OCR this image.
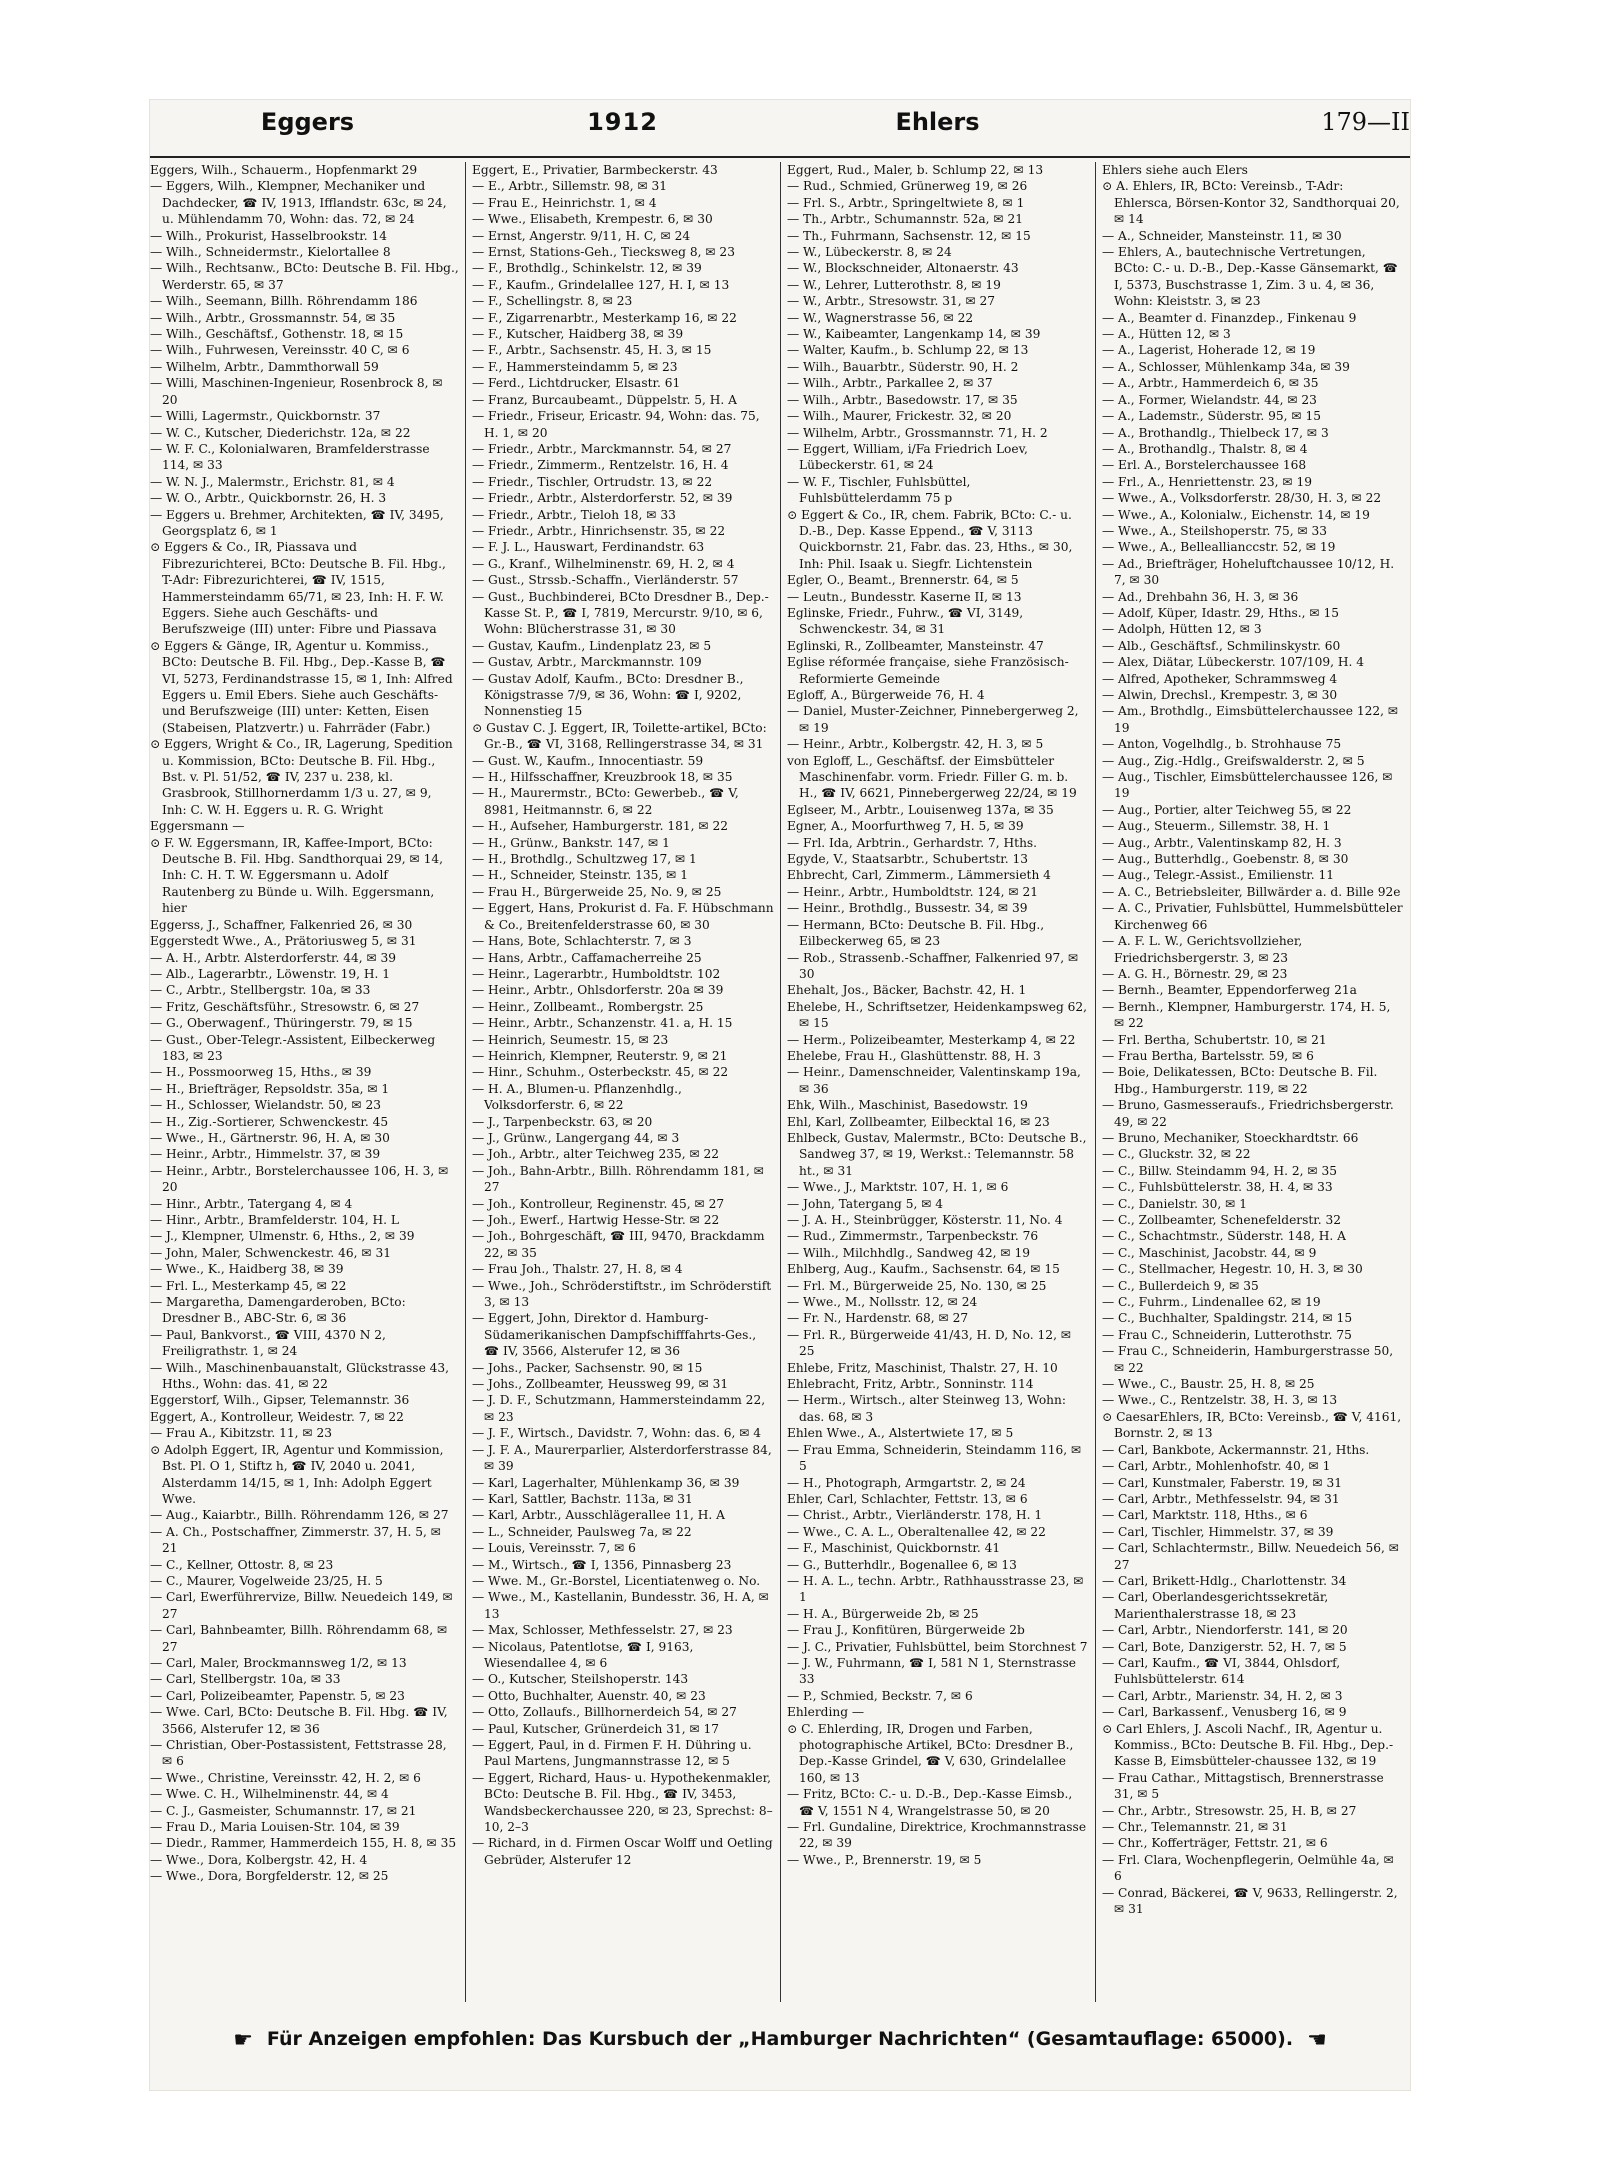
Eggers	1912	Ehlers	179—II

Eggers, Wilh., Schauerm., Hopfenmarkt 29

— Eggers, Wilh., Klempner, Mechaniker und Dachdecker, ☎ IV, 1913, Ifflandstr. 63c, ✉ 24, u. Mühlendamm 70, Wohn: das. 72, ✉ 24

— Wilh., Prokurist, Hasselbrookstr. 14

— Wilh., Schneidermstr., Kielortallee 8

— Wilh., Rechtsanw., BCto: Deutsche B. Fil. Hbg., Werderstr. 65, ✉ 37

— Wilh., Seemann, Billh. Röhrendamm 186

— Wilh., Arbtr., Grossmannstr. 54, ✉ 35

— Wilh., Geschäftsf., Gothenstr. 18, ✉ 15

— Wilh., Fuhrwesen, Vereinsstr. 40 C, ✉ 6

— Wilhelm, Arbtr., Dammthorwall 59

— Willi, Maschinen-Ingenieur, Rosenbrock 8, ✉ 20

— Willi, Lagermstr., Quickbornstr. 37

— W. C., Kutscher, Diederichstr. 12a, ✉ 22

— W. F. C., Kolonialwaren, Bramfelderstrasse 114, ✉ 33

— W. N. J., Malermstr., Erichstr. 81, ✉ 4

— W. O., Arbtr., Quickbornstr. 26, H. 3

— Eggers u. Brehmer, Architekten, ☎ IV, 3495, Georgsplatz 6, ✉ 1

⊙ Eggers & Co., IR, Piassava und Fibrezurichterei, BCto: Deutsche B. Fil. Hbg., T-Adr: Fibrezurichterei, ☎ IV, 1515, Hammersteindamm 65/71, ✉ 23, Inh: H. F. W. Eggers. Siehe auch Geschäfts- und Berufszweige (III) unter: Fibre und Piassava

⊙ Eggers & Gänge, IR, Agentur u. Kommiss., BCto: Deutsche B. Fil. Hbg., Dep.-Kasse B, ☎ VI, 5273, Ferdinandstrasse 15, ✉ 1, Inh: Alfred Eggers u. Emil Ebers. Siehe auch Geschäfts- und Berufszweige (III) unter: Ketten, Eisen (Stabeisen, Platzvertr.) u. Fahrräder (Fabr.)

⊙ Eggers, Wright & Co., IR, Lagerung, Spedition u. Kommission, BCto: Deutsche B. Fil. Hbg., Bst. v. Pl. 51/52, ☎ IV, 237 u. 238, kl. Grasbrook, Stillhornerdamm 1/3 u. 27, ✉ 9, Inh: C. W. H. Eggers u. R. G. Wright

Eggersmann —

⊙ F. W. Eggersmann, IR, Kaffee-Import, BCto: Deutsche B. Fil. Hbg. Sandthorquai 29, ✉ 14, Inh: C. H. T. W. Eggersmann u. Adolf Rautenberg zu Bünde u. Wilh. Eggersmann, hier

Eggerss, J., Schaffner, Falkenried 26, ✉ 30

Eggerstedt Wwe., A., Prätoriusweg 5, ✉ 31

— A. H., Arbtr. Alsterdorferstr. 44, ✉ 39

— Alb., Lagerarbtr., Löwenstr. 19, H. 1

— C., Arbtr., Stellbergstr. 10a, ✉ 33

— Fritz, Geschäftsführ., Stresowstr. 6, ✉ 27

— G., Oberwagenf., Thüringerstr. 79, ✉ 15

— Gust., Ober-Telegr.-Assistent, Eilbeckerweg 183, ✉ 23

— H., Possmoorweg 15, Hths., ✉ 39

— H., Briefträger, Repsoldstr. 35a, ✉ 1

— H., Schlosser, Wielandstr. 50, ✉ 23

— H., Zig.-Sortierer, Schwenckestr. 45

— Wwe., H., Gärtnerstr. 96, H. A, ✉ 30

— Heinr., Arbtr., Himmelstr. 37, ✉ 39

— Heinr., Arbtr., Borstelerchaussee 106, H. 3, ✉ 20

— Hinr., Arbtr., Tatergang 4, ✉ 4

— Hinr., Arbtr., Bramfelderstr. 104, H. L

— J., Klempner, Ulmenstr. 6, Hths., 2, ✉ 39

— John, Maler, Schwenckestr. 46, ✉ 31

— Wwe., K., Haidberg 38, ✉ 39

— Frl. L., Mesterkamp 45, ✉ 22

— Margaretha, Damengarderoben, BCto: Dresdner B., ABC-Str. 6, ✉ 36

— Paul, Bankvorst., ☎ VIII, 4370 N 2, Freiligrathstr. 1, ✉ 24

— Wilh., Maschinenbauanstalt, Glückstrasse 43, Hths., Wohn: das. 41, ✉ 22

Eggerstorf, Wilh., Gipser, Telemannstr. 36

Eggert, A., Kontrolleur, Weidestr. 7, ✉ 22

— Frau A., Kibitzstr. 11, ✉ 23

⊙ Adolph Eggert, IR, Agentur und Kommission, Bst. Pl. O 1, Stiftz h, ☎ IV, 2040 u. 2041, Alsterdamm 14/15, ✉ 1, Inh: Adolph Eggert Wwe.

— Aug., Kaiarbtr., Billh. Röhrendamm 126, ✉ 27

— A. Ch., Postschaffner, Zimmerstr. 37, H. 5, ✉ 21

— C., Kellner, Ottostr. 8, ✉ 23

— C., Maurer, Vogelweide 23/25, H. 5

— Carl, Ewerführervize, Billw. Neuedeich 149, ✉ 27

— Carl, Bahnbeamter, Billh. Röhrendamm 68, ✉ 27

— Carl, Maler, Brockmannsweg 1/2, ✉ 13

— Carl, Stellbergstr. 10a, ✉ 33

— Carl, Polizeibeamter, Papenstr. 5, ✉ 23

— Wwe. Carl, BCto: Deutsche B. Fil. Hbg. ☎ IV, 3566, Alsterufer 12, ✉ 36

— Christian, Ober-Postassistent, Fettstrasse 28, ✉ 6

— Wwe., Christine, Vereinsstr. 42, H. 2, ✉ 6

— Wwe. C. H., Wilhelminenstr. 44, ✉ 4

— C. J., Gasmeister, Schumannstr. 17, ✉ 21

— Frau D., Maria Louisen-Str. 104, ✉ 39

— Diedr., Rammer, Hammerdeich 155, H. 8, ✉ 35

— Wwe., Dora, Kolbergstr. 42, H. 4

— Wwe., Dora, Borgfelderstr. 12, ✉ 25

Eggert, E., Privatier, Barmbeckerstr. 43

— E., Arbtr., Sillemstr. 98, ✉ 31

— Frau E., Heinrichstr. 1, ✉ 4

— Wwe., Elisabeth, Krempestr. 6, ✉ 30

— Ernst, Angerstr. 9/11, H. C, ✉ 24

— Ernst, Stations-Geh., Tiecksweg 8, ✉ 23

— F., Brothdlg., Schinkelstr. 12, ✉ 39

— F., Kaufm., Grindelallee 127, H. I, ✉ 13

— F., Schellingstr. 8, ✉ 23

— F., Zigarrenarbtr., Mesterkamp 16, ✉ 22

— F., Kutscher, Haidberg 38, ✉ 39

— F., Arbtr., Sachsenstr. 45, H. 3, ✉ 15

— F., Hammersteindamm 5, ✉ 23

— Ferd., Lichtdrucker, Elsastr. 61

— Franz, Burcaubeamt., Düppelstr. 5, H. A

— Friedr., Friseur, Ericastr. 94, Wohn: das. 75, H. 1, ✉ 20

— Friedr., Arbtr., Marckmannstr. 54, ✉ 27

— Friedr., Zimmerm., Rentzelstr. 16, H. 4

— Friedr., Tischler, Ortrudstr. 13, ✉ 22

— Friedr., Arbtr., Alsterdorferstr. 52, ✉ 39

— Friedr., Arbtr., Tieloh 18, ✉ 33

— Friedr., Arbtr., Hinrichsenstr. 35, ✉ 22

— F. J. L., Hauswart, Ferdinandstr. 63

— G., Kranf., Wilhelminenstr. 69, H. 2, ✉ 4

— Gust., Strssb.-Schaffn., Vierländerstr. 57

— Gust., Buchbinderei, BCto Dresdner B., Dep.-Kasse St. P., ☎ I, 7819, Mercurstr. 9/10, ✉ 6, Wohn: Blücherstrasse 31, ✉ 30

— Gustav, Kaufm., Lindenplatz 23, ✉ 5

— Gustav, Arbtr., Marckmannstr. 109

— Gustav Adolf, Kaufm., BCto: Dresdner B., Königstrasse 7/9, ✉ 36, Wohn: ☎ I, 9202, Nonnenstieg 15

⊙ Gustav C. J. Eggert, IR, Toilette-artikel, BCto: Gr.-B., ☎ VI, 3168, Rellingerstrasse 34, ✉ 31

— Gust. W., Kaufm., Innocentiastr. 59

— H., Hilfsschaffner, Kreuzbrook 18, ✉ 35

— H., Maurermstr., BCto: Gewerbeb., ☎ V, 8981, Heitmannstr. 6, ✉ 22

— H., Aufseher, Hamburgerstr. 181, ✉ 22

— H., Grünw., Bankstr. 147, ✉ 1

— H., Brothdlg., Schultzweg 17, ✉ 1

— H., Schneider, Steinstr. 135, ✉ 1

— Frau H., Bürgerweide 25, No. 9, ✉ 25

— Eggert, Hans, Prokurist d. Fa. F. Hübschmann & Co., Breitenfelderstrasse 60, ✉ 30

— Hans, Bote, Schlachterstr. 7, ✉ 3

— Hans, Arbtr., Caffamacherreihe 25

— Heinr., Lagerarbtr., Humboldtstr. 102

— Heinr., Arbtr., Ohlsdorferstr. 20a ✉ 39

— Heinr., Zollbeamt., Rombergstr. 25

— Heinr., Arbtr., Schanzenstr. 41. a, H. 15

— Heinrich, Seumestr. 15, ✉ 23

— Heinrich, Klempner, Reuterstr. 9, ✉ 21

— Hinr., Schuhm., Osterbeckstr. 45, ✉ 22

— H. A., Blumen-u. Pflanzenhdlg., Volksdorferstr. 6, ✉ 22

— J., Tarpenbeckstr. 63, ✉ 20

— J., Grünw., Langergang 44, ✉ 3

— Joh., Arbtr., alter Teichweg 235, ✉ 22

— Joh., Bahn-Arbtr., Billh. Röhrendamm 181, ✉ 27

— Joh., Kontrolleur, Reginenstr. 45, ✉ 27

— Joh., Ewerf., Hartwig Hesse-Str. ✉ 22

— Joh., Bohrgeschäft, ☎ III, 9470, Brackdamm 22, ✉ 35

— Frau Joh., Thalstr. 27, H. 8, ✉ 4

— Wwe., Joh., Schröderstiftstr., im Schröderstift 3, ✉ 13

— Eggert, John, Direktor d. Hamburg-Südamerikanischen Dampfschifffahrts-Ges., ☎ IV, 3566, Alsterufer 12, ✉ 36

— Johs., Packer, Sachsenstr. 90, ✉ 15

— Johs., Zollbeamter, Heussweg 99, ✉ 31

— J. D. F., Schutzmann, Hammersteindamm 22, ✉ 23

— J. F., Wirtsch., Davidstr. 7, Wohn: das. 6, ✉ 4

— J. F. A., Maurerparlier, Alsterdorferstrasse 84, ✉ 39

— Karl, Lagerhalter, Mühlenkamp 36, ✉ 39

— Karl, Sattler, Bachstr. 113a, ✉ 31

— Karl, Arbtr., Ausschlägerallee 11, H. A

— L., Schneider, Paulsweg 7a, ✉ 22

— Louis, Vereinsstr. 7, ✉ 6

— M., Wirtsch., ☎ I, 1356, Pinnasberg 23

— Wwe. M., Gr.-Borstel, Licentiatenweg o. No.

— Wwe., M., Kastellanin, Bundesstr. 36, H. A, ✉ 13

— Max, Schlosser, Methfesselstr. 27, ✉ 23

— Nicolaus, Patentlotse, ☎ I, 9163, Wiesendallee 4, ✉ 6

— O., Kutscher, Steilshoperstr. 143

— Otto, Buchhalter, Auenstr. 40, ✉ 23

— Otto, Zollaufs., Billhornerdeich 54, ✉ 27

— Paul, Kutscher, Grünerdeich 31, ✉ 17

— Eggert, Paul, in d. Firmen F. H. Dühring u. Paul Martens, Jungmannstrasse 12, ✉ 5

— Eggert, Richard, Haus- u. Hypothekenmakler, BCto: Deutsche B. Fil. Hbg., ☎ IV, 3453, Wandsbeckerchaussee 220, ✉ 23, Sprechst: 8–10, 2–3

— Richard, in d. Firmen Oscar Wolff und Oetling Gebrüder, Alsterufer 12

Eggert, Rud., Maler, b. Schlump 22, ✉ 13

— Rud., Schmied, Grünerweg 19, ✉ 26

— Frl. S., Arbtr., Springeltwiete 8, ✉ 1

— Th., Arbtr., Schumannstr. 52a, ✉ 21

— Th., Fuhrmann, Sachsenstr. 12, ✉ 15

— W., Lübeckerstr. 8, ✉ 24

— W., Blockschneider, Altonaerstr. 43

— W., Lehrer, Lutterothstr. 8, ✉ 19

— W., Arbtr., Stresowstr. 31, ✉ 27

— W., Wagnerstrasse 56, ✉ 22

— W., Kaibeamter, Langenkamp 14, ✉ 39

— Walter, Kaufm., b. Schlump 22, ✉ 13

— Wilh., Bauarbtr., Süderstr. 90, H. 2

— Wilh., Arbtr., Parkallee 2, ✉ 37

— Wilh., Arbtr., Basedowstr. 17, ✉ 35

— Wilh., Maurer, Frickestr. 32, ✉ 20

— Wilhelm, Arbtr., Grossmannstr. 71, H. 2

— Eggert, William, i/Fa Friedrich Loev, Lübeckerstr. 61, ✉ 24

— W. F., Tischler, Fuhlsbüttel, Fuhlsbüttelerdamm 75 p

⊙ Eggert & Co., IR, chem. Fabrik, BCto: C.- u. D.-B., Dep. Kasse Eppend., ☎ V, 3113 Quickbornstr. 21, Fabr. das. 23, Hths., ✉ 30, Inh: Phil. Isaak u. Siegfr. Lichtenstein

Egler, O., Beamt., Brennerstr. 64, ✉ 5

— Leutn., Bundesstr. Kaserne II, ✉ 13

Eglinske, Friedr., Fuhrw., ☎ VI, 3149, Schwenckestr. 34, ✉ 31

Eglinski, R., Zollbeamter, Mansteinstr. 47

Eglise réformée française, siehe Französisch-Reformierte Gemeinde

Egloff, A., Bürgerweide 76, H. 4

— Daniel, Muster-Zeichner, Pinnebergerweg 2, ✉ 19

— Heinr., Arbtr., Kolbergstr. 42, H. 3, ✉ 5

von Egloff, L., Geschäftsf. der Eimsbütteler Maschinenfabr. vorm. Friedr. Filler G. m. b. H., ☎ IV, 6621, Pinnebergerweg 22/24, ✉ 19

Eglseer, M., Arbtr., Louisenweg 137a, ✉ 35

Egner, A., Moorfurthweg 7, H. 5, ✉ 39

— Frl. Ida, Arbtrin., Gerhardstr. 7, Hths.

Egyde, V., Staatsarbtr., Schubertstr. 13

Ehbrecht, Carl, Zimmerm., Lämmersieth 4

— Heinr., Arbtr., Humboldtstr. 124, ✉ 21

— Heinr., Brothdlg., Bussestr. 34, ✉ 39

— Hermann, BCto: Deutsche B. Fil. Hbg., Eilbeckerweg 65, ✉ 23

— Rob., Strassenb.-Schaffner, Falkenried 97, ✉ 30

Ehehalt, Jos., Bäcker, Bachstr. 42, H. 1

Ehelebe, H., Schriftsetzer, Heidenkampsweg 62, ✉ 15

— Herm., Polizeibeamter, Mesterkamp 4, ✉ 22

Ehelebe, Frau H., Glashüttenstr. 88, H. 3

— Heinr., Damenschneider, Valentinskamp 19a, ✉ 36

Ehk, Wilh., Maschinist, Basedowstr. 19

Ehl, Karl, Zollbeamter, Eilbecktal 16, ✉ 23

Ehlbeck, Gustav, Malermstr., BCto: Deutsche B., Sandweg 37, ✉ 19, Werkst.: Telemannstr. 58 ht., ✉ 31

— Wwe., J., Marktstr. 107, H. 1, ✉ 6

— John, Tatergang 5, ✉ 4

— J. A. H., Steinbrügger, Kösterstr. 11, No. 4

— Rud., Zimmermstr., Tarpenbeckstr. 76

— Wilh., Milchhdlg., Sandweg 42, ✉ 19

Ehlberg, Aug., Kaufm., Sachsenstr. 64, ✉ 15

— Frl. M., Bürgerweide 25, No. 130, ✉ 25

— Wwe., M., Nollsstr. 12, ✉ 24

— Fr. N., Hardenstr. 68, ✉ 27

— Frl. R., Bürgerweide 41/43, H. D, No. 12, ✉ 25

Ehlebe, Fritz, Maschinist, Thalstr. 27, H. 10

Ehlebracht, Fritz, Arbtr., Sonninstr. 114

— Herm., Wirtsch., alter Steinweg 13, Wohn: das. 68, ✉ 3

Ehlen Wwe., A., Alstertwiete 17, ✉ 5

— Frau Emma, Schneiderin, Steindamm 116, ✉ 5

— H., Photograph, Armgartstr. 2, ✉ 24

Ehler, Carl, Schlachter, Fettstr. 13, ✉ 6

— Christ., Arbtr., Vierländerstr. 178, H. 1

— Wwe., C. A. L., Oberaltenallee 42, ✉ 22

— F., Maschinist, Quickbornstr. 41

— G., Butterhdlr., Bogenallee 6, ✉ 13

— H. A. L., techn. Arbtr., Rathhausstrasse 23, ✉ 1

— H. A., Bürgerweide 2b, ✉ 25

— Frau J., Konfitüren, Bürgerweide 2b

— J. C., Privatier, Fuhlsbüttel, beim Storchnest 7

— J. W., Fuhrmann, ☎ I, 581 N 1, Sternstrasse 33

— P., Schmied, Beckstr. 7, ✉ 6

Ehlerding —

⊙ C. Ehlerding, IR, Drogen und Farben, photographische Artikel, BCto: Dresdner B., Dep.-Kasse Grindel, ☎ V, 630, Grindelallee 160, ✉ 13

— Fritz, BCto: C.- u. D.-B., Dep.-Kasse Eimsb., ☎ V, 1551 N 4, Wrangelstrasse 50, ✉ 20

— Frl. Gundaline, Direktrice, Krochmannstrasse 22, ✉ 39

— Wwe., P., Brennerstr. 19, ✉ 5

Ehlers siehe auch Elers

⊙ A. Ehlers, IR, BCto: Vereinsb., T-Adr: Ehlersca, Börsen-Kontor 32, Sandthorquai 20, ✉ 14

— A., Schneider, Mansteinstr. 11, ✉ 30

— Ehlers, A., bautechnische Vertretungen, BCto: C.- u. D.-B., Dep.-Kasse Gänsemarkt, ☎ I, 5373, Buschstrasse 1, Zim. 3 u. 4, ✉ 36, Wohn: Kleiststr. 3, ✉ 23

— A., Beamter d. Finanzdep., Finkenau 9

— A., Hütten 12, ✉ 3

— A., Lagerist, Hoherade 12, ✉ 19

— A., Schlosser, Mühlenkamp 34a, ✉ 39

— A., Arbtr., Hammerdeich 6, ✉ 35

— A., Former, Wielandstr. 44, ✉ 23

— A., Lademstr., Süderstr. 95, ✉ 15

— A., Brothandlg., Thielbeck 17, ✉ 3

— A., Brothandlg., Thalstr. 8, ✉ 4

— Erl. A., Borstelerchaussee 168

— Frl., A., Henriettenstr. 23, ✉ 19

— Wwe., A., Volksdorferstr. 28/30, H. 3, ✉ 22

— Wwe., A., Kolonialw., Eichenstr. 14, ✉ 19

— Wwe., A., Steilshoperstr. 75, ✉ 33

— Wwe., A., Belleallianccstr. 52, ✉ 19

— Ad., Briefträger, Hoheluftchaussee 10/12, H. 7, ✉ 30

— Ad., Drehbahn 36, H. 3, ✉ 36

— Adolf, Küper, Idastr. 29, Hths., ✉ 15

— Adolph, Hütten 12, ✉ 3

— Alb., Geschäftsf., Schmilinskystr. 60

— Alex, Diätar, Lübeckerstr. 107/109, H. 4

— Alfred, Apotheker, Schrammsweg 4

— Alwin, Drechsl., Krempestr. 3, ✉ 30

— Am., Brothdlg., Eimsbüttelerchaussee 122, ✉ 19

— Anton, Vogelhdlg., b. Strohhause 75

— Aug., Zig.-Hdlg., Greifswalderstr. 2, ✉ 5

— Aug., Tischler, Eimsbüttelerchaussee 126, ✉ 19

— Aug., Portier, alter Teichweg 55, ✉ 22

— Aug., Steuerm., Sillemstr. 38, H. 1

— Aug., Arbtr., Valentinskamp 82, H. 3

— Aug., Butterhdlg., Goebenstr. 8, ✉ 30

— Aug., Telegr.-Assist., Emilienstr. 11

— A. C., Betriebsleiter, Billwärder a. d. Bille 92e

— A. C., Privatier, Fuhlsbüttel, Hummelsbütteler Kirchenweg 66

— A. F. L. W., Gerichtsvollzieher, Friedrichsbergerstr. 3, ✉ 23

— A. G. H., Börnestr. 29, ✉ 23

— Bernh., Beamter, Eppendorferweg 21a

— Bernh., Klempner, Hamburgerstr. 174, H. 5, ✉ 22

— Frl. Bertha, Schubertstr. 10, ✉ 21

— Frau Bertha, Bartelsstr. 59, ✉ 6

— Boie, Delikatessen, BCto: Deutsche B. Fil. Hbg., Hamburgerstr. 119, ✉ 22

— Bruno, Gasmesseraufs., Friedrichsbergerstr. 49, ✉ 22

— Bruno, Mechaniker, Stoeckhardtstr. 66

— C., Gluckstr. 32, ✉ 22

— C., Billw. Steindamm 94, H. 2, ✉ 35

— C., Fuhlsbüttelerstr. 38, H. 4, ✉ 33

— C., Danielstr. 30, ✉ 1

— C., Zollbeamter, Schenefelderstr. 32

— C., Schachtmstr., Süderstr. 148, H. A

— C., Maschinist, Jacobstr. 44, ✉ 9

— C., Stellmacher, Hegestr. 10, H. 3, ✉ 30

— C., Bullerdeich 9, ✉ 35

— C., Fuhrm., Lindenallee 62, ✉ 19

— C., Buchhalter, Spaldingstr. 214, ✉ 15

— Frau C., Schneiderin, Lutterothstr. 75

— Frau C., Schneiderin, Hamburgerstrasse 50, ✉ 22

— Wwe., C., Baustr. 25, H. 8, ✉ 25

— Wwe., C., Rentzelstr. 38, H. 3, ✉ 13

⊙ CaesarEhlers, IR, BCto: Vereinsb., ☎ V, 4161, Bornstr. 2, ✉ 13

— Carl, Bankbote, Ackermannstr. 21, Hths.

— Carl, Arbtr., Mohlenhofstr. 40, ✉ 1

— Carl, Kunstmaler, Faberstr. 19, ✉ 31

— Carl, Arbtr., Methfesselstr. 94, ✉ 31

— Carl, Marktstr. 118, Hths., ✉ 6

— Carl, Tischler, Himmelstr. 37, ✉ 39

— Carl, Schlachtermstr., Billw. Neuedeich 56, ✉ 27

— Carl, Brikett-Hdlg., Charlottenstr. 34

— Carl, Oberlandesgerichtssekretär, Marienthalerstrasse 18, ✉ 23

— Carl, Arbtr., Niendorferstr. 141, ✉ 20

— Carl, Bote, Danzigerstr. 52, H. 7, ✉ 5

— Carl, Kaufm., ☎ VI, 3844, Ohlsdorf, Fuhlsbüttelerstr. 614

— Carl, Arbtr., Marienstr. 34, H. 2, ✉ 3

— Carl, Barkassenf., Venusberg 16, ✉ 9

⊙ Carl Ehlers, J. Ascoli Nachf., IR, Agentur u. Kommiss., BCto: Deutsche B. Fil. Hbg., Dep.-Kasse B, Eimsbütteler-chaussee 132, ✉ 19

— Frau Cathar., Mittagstisch, Brennerstrasse 31, ✉ 5

— Chr., Arbtr., Stresowstr. 25, H. B, ✉ 27

— Chr., Telemannstr. 21, ✉ 31

— Chr., Kofferträger, Fettstr. 21, ✉ 6

— Frl. Clara, Wochenpflegerin, Oelmühle 4a, ✉ 6

— Conrad, Bäckerei, ☎ V, 9633, Rellingerstr. 2, ✉ 31

☛ Für Anzeigen empfohlen: Das Kursbuch der „Hamburger Nachrichten“ (Gesamtauflage: 65000). ☚
